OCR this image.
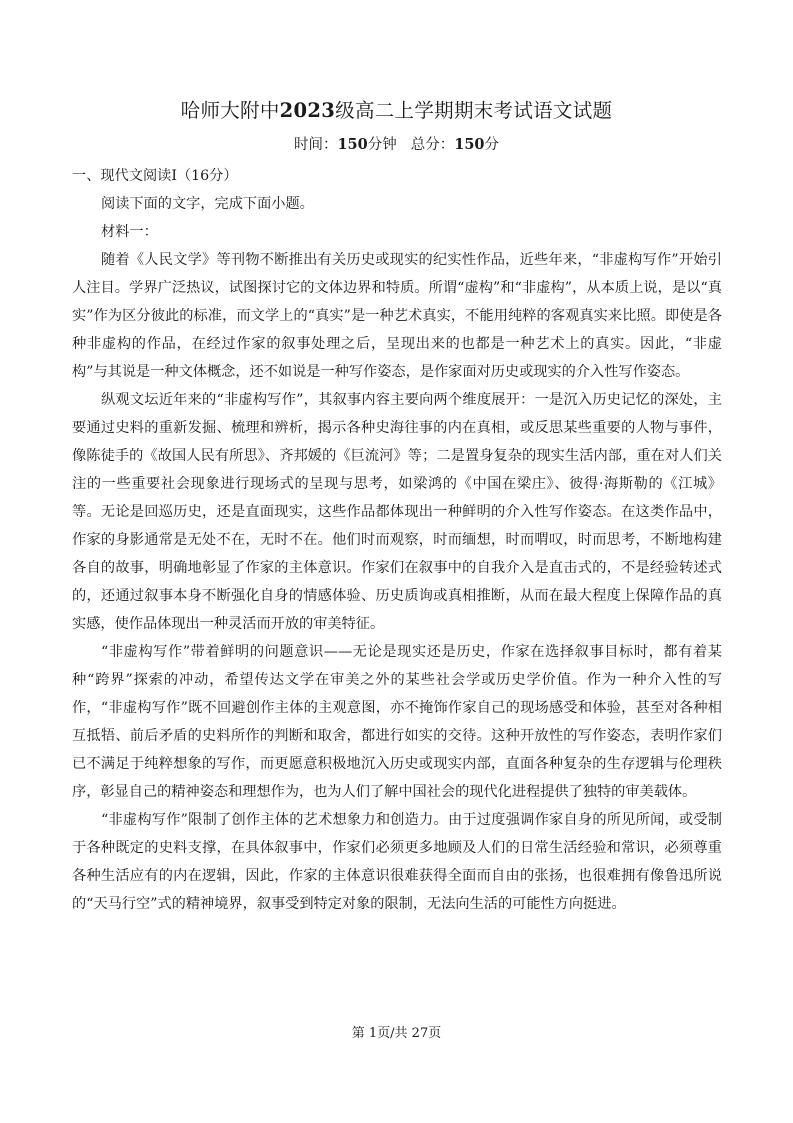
哈师大附中2023级高二上学期期末考试语文试题
时间：150分钟 总分：150分

一、现代文阅读Ⅰ（16分）

阅读下面的文字，完成下面小题。

材料一：

随着《人民文学》等刊物不断推出有关历史或现实的纪实性作品，近些年来，“非虚构写作”开始引人注目。学界广泛热议，试图探讨它的文体边界和特质。所谓“虚构”和“非虚构”，从本质上说，是以“真实”作为区分彼此的标准，而文学上的“真实”是一种艺术真实，不能用纯粹的客观真实来比照。即使是各种非虚构的作品，在经过作家的叙事处理之后，呈现出来的也都是一种艺术上的真实。因此，“非虚构”与其说是一种文体概念，还不如说是一种写作姿态，是作家面对历史或现实的介入性写作姿态。

纵观文坛近年来的“非虚构写作”，其叙事内容主要向两个维度展开：一是沉入历史记忆的深处，主要通过史料的重新发掘、梳理和辨析，揭示各种史海往事的内在真相，或反思某些重要的人物与事件，像陈徒手的《故国人民有所思》、齐邦媛的《巨流河》等；二是置身复杂的现实生活内部，重在对人们关注的一些重要社会现象进行现场式的呈现与思考，如梁鸿的《中国在梁庄》、彼得·海斯勒的《江城》等。无论是回巡历史，还是直面现实，这些作品都体现出一种鲜明的介入性写作姿态。在这类作品中，作家的身影通常是无处不在，无时不在。他们时而观察，时而缅想，时而喟叹，时而思考，不断地构建各自的故事，明确地彰显了作家的主体意识。作家们在叙事中的自我介入是直击式的，不是经验转述式的，还通过叙事本身不断强化自身的情感体验、历史质询或真相推断，从而在最大程度上保障作品的真实感，使作品体现出一种灵活而开放的审美特征。

“非虚构写作”带着鲜明的问题意识——无论是现实还是历史，作家在选择叙事目标时，都有着某种“跨界”探索的冲动，希望传达文学在审美之外的某些社会学或历史学价值。作为一种介入性的写作，“非虚构写作”既不回避创作主体的主观意图，亦不掩饰作家自己的现场感受和体验，甚至对各种相互抵牾、前后矛盾的史料所作的判断和取舍，都进行如实的交待。这种开放性的写作姿态，表明作家们已不满足于纯粹想象的写作，而更愿意积极地沉入历史或现实内部，直面各种复杂的生存逻辑与伦理秩序，彰显自己的精神姿态和理想作为，也为人们了解中国社会的现代化进程提供了独特的审美载体。

“非虚构写作”限制了创作主体的艺术想象力和创造力。由于过度强调作家自身的所见所闻，或受制于各种既定的史料支撑，在具体叙事中，作家们必须更多地顾及人们的日常生活经验和常识，必须尊重各种生活应有的内在逻辑，因此，作家的主体意识很难获得全面而自由的张扬，也很难拥有像鲁迅所说的“天马行空”式的精神境界，叙事受到特定对象的限制，无法向生活的可能性方向挺进。

第 1页/共 27页
